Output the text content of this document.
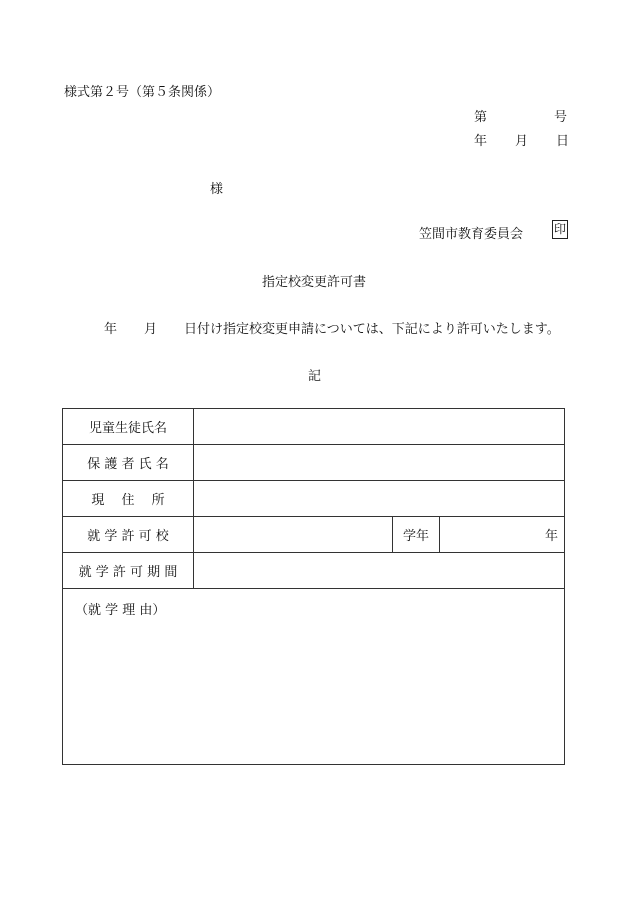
様式第２号（第５条関係）
第	号
年 月 日
様
笠間市教育委員会	印
指定校変更許可書
年 月 日付け指定校変更申請については、下記により許可いたします。
記
児童生徒氏名			
保 護 者 氏 名			
現　 住　 所			
就 学 許 可 校		学年	年
就 学 許 可 期 間			
（就 学 理 由）			
